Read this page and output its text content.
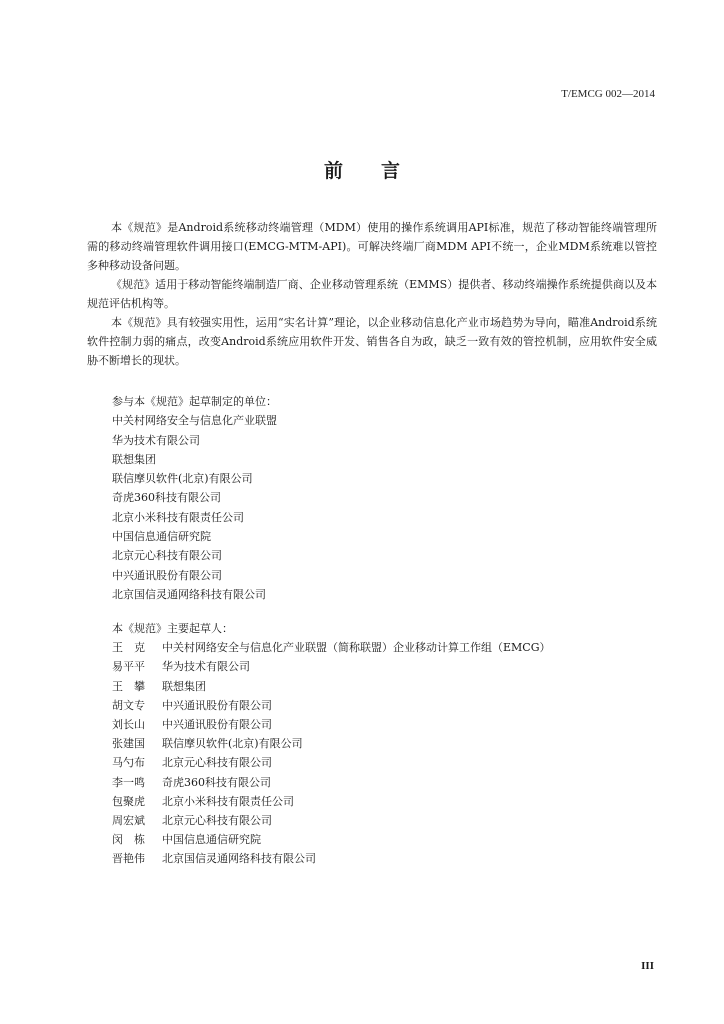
T/EMCG 002—2014
前言

本《规范》是Android系统移动终端管理（MDM）使用的操作系统调用API标准，规范了移动智能终端管理所需的移动终端管理软件调用接口(EMCG-MTM-API)。可解决终端厂商MDM API不统一，企业MDM系统难以管控多种移动设备问题。

《规范》适用于移动智能终端制造厂商、企业移动管理系统（EMMS）提供者、移动终端操作系统提供商以及本规范评估机构等。

本《规范》具有较强实用性，运用“实名计算”理论，以企业移动信息化产业市场趋势为导向，瞄准Android系统软件控制力弱的痛点，改变Android系统应用软件开发、销售各自为政，缺乏一致有效的管控机制，应用软件安全威胁不断增长的现状。

参与本《规范》起草制定的单位：
中关村网络安全与信息化产业联盟
华为技术有限公司
联想集团
联信摩贝软件(北京)有限公司
奇虎360科技有限公司
北京小米科技有限责任公司
中国信息通信研究院
北京元心科技有限公司
中兴通讯股份有限公司
北京国信灵通网络科技有限公司
本《规范》主要起草人：
王　克	中关村网络安全与信息化产业联盟（简称联盟）企业移动计算工作组（EMCG）
易平平	华为技术有限公司
王　攀	联想集团
胡文专	中兴通讯股份有限公司
刘长山	中兴通讯股份有限公司
张建国	联信摩贝软件(北京)有限公司
马勺布	北京元心科技有限公司
李一鸣	奇虎360科技有限公司
包聚虎	北京小米科技有限责任公司
周宏斌	北京元心科技有限公司
闵　栋	中国信息通信研究院
晋艳伟	北京国信灵通网络科技有限公司
III
